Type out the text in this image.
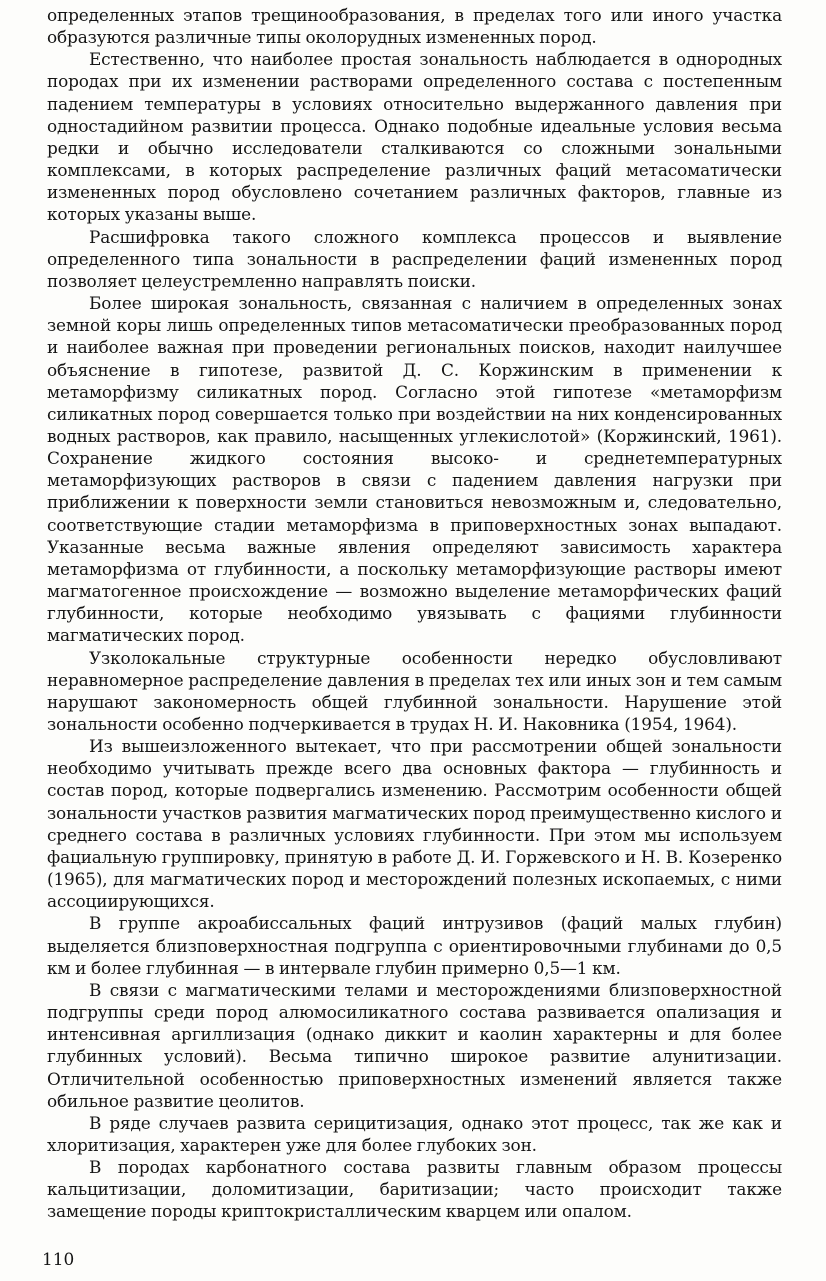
определенных этапов трещинообразования, в пределах того или иного участка образуются различные типы околорудных измененных пород.

Естественно, что наиболее простая зональность наблюдается в однородных породах при их изменении растворами определенного состава с постепенным падением температуры в условиях относительно выдержанного давления при одностадийном развитии процесса. Однако подобные идеальные условия весьма редки и обычно исследователи сталкиваются со сложными зональными комплексами, в которых распределение различных фаций метасоматически измененных пород обусловлено сочетанием различных факторов, главные из которых указаны выше.

Расшифровка такого сложного комплекса процессов и выявление определенного типа зональности в распределении фаций измененных пород позволяет целеустремленно направлять поиски.

Более широкая зональность, связанная с наличием в определенных зонах земной коры лишь определенных типов метасоматически преобразованных пород и наиболее важная при проведении региональных поисков, находит наилучшее объяснение в гипотезе, развитой Д. С. Коржинским в применении к метаморфизму силикатных пород. Согласно этой гипотезе «метаморфизм силикатных пород совершается только при воздействии на них конденсированных водных растворов, как правило, насыщенных углекислотой» (Коржинский, 1961). Сохранение жидкого состояния высоко- и среднетемпературных метаморфизующих растворов в связи с падением давления нагрузки при приближении к поверхности земли становиться невозможным и, следовательно, соответствующие стадии метаморфизма в приповерхностных зонах выпадают. Указанные весьма важные явления определяют зависимость характера метаморфизма от глубинности, а поскольку метаморфизующие растворы имеют магматогенное происхождение — возможно выделение метаморфических фаций глубинности, которые необходимо увязывать с фациями глубинности магматических пород.

Узколокальные структурные особенности нередко обусловливают неравномерное распределение давления в пределах тех или иных зон и тем самым нарушают закономерность общей глубинной зональности. Нарушение этой зональности особенно подчеркивается в трудах Н. И. Наковника (1954, 1964).

Из вышеизложенного вытекает, что при рассмотрении общей зональности необходимо учитывать прежде всего два основных фактора — глубинность и состав пород, которые подвергались изменению. Рассмотрим особенности общей зональности участков развития магматических пород преимущественно кислого и среднего состава в различных условиях глубинности. При этом мы используем фациальную группировку, принятую в работе Д. И. Горжевского и Н. В. Козеренко (1965), для магматических пород и месторождений полезных ископаемых, с ними ассоциирующихся.

В группе акроабиссальных фаций интрузивов (фаций малых глубин) выделяется близповерхностная подгруппа с ориентировочными глубинами до 0,5 км и более глубинная — в интервале глубин примерно 0,5—1 км.

В связи с магматическими телами и месторождениями близповерхностной подгруппы среди пород алюмосиликатного состава развивается опализация и интенсивная аргиллизация (однако диккит и каолин характерны и для более глубинных условий). Весьма типично широкое развитие алунитизации. Отличительной особенностью приповерхностных изменений является также обильное развитие цеолитов.

В ряде случаев развита серицитизация, однако этот процесс, так же как и хлоритизация, характерен уже для более глубоких зон.

В породах карбонатного состава развиты главным образом процессы кальцитизации, доломитизации, баритизации; часто происходит также замещение породы криптокристаллическим кварцем или опалом.

110
